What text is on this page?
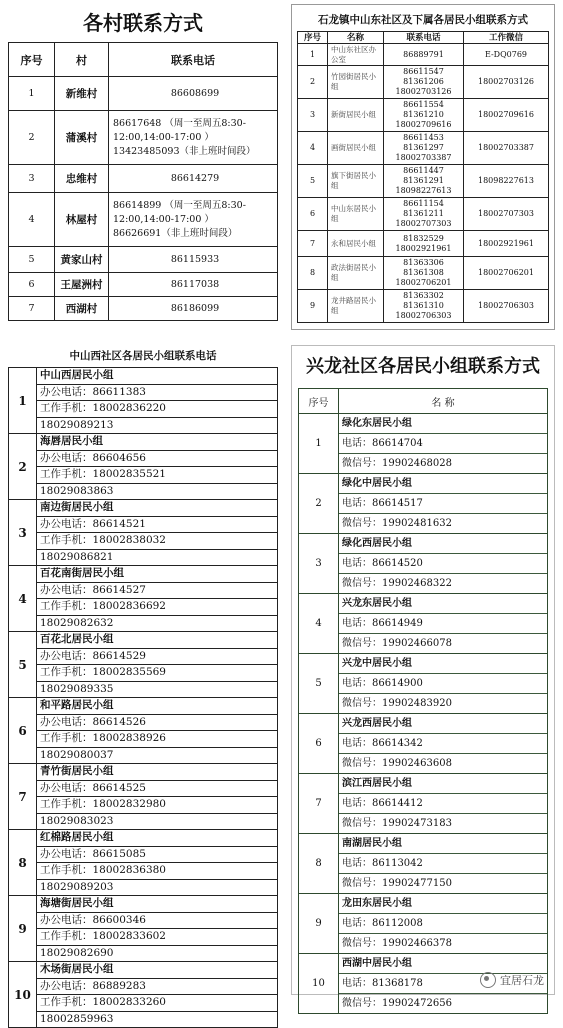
各村联系方式
序号	村	联系电话
1	新维村	86608699

2	蒲溪村	86617648 （周一至周五8:30-
12:00,14:00-17:00 ）
13423485093（非上班时间段）

3	忠维村	86614279

4	林屋村	86614899 （周一至周五8:30-
12:00,14:00-17:00 ）
86626691（非上班时间段）

5	黄家山村	86115933

6	王屋洲村	86117038

7	西湖村	86186099
石龙镇中山东社区及下属各居民小组联系方式
序号	名称	联系电话	工作微信
1	中山东社区办公室	86889791	E-DQ0769
2	竹园街居民小组	86611547
81361206
18002703126	18002703126
3	新街居民小组	86611554
81361210
18002709616	18002709616
4	画街居民小组	86611453
81361297
18002703387	18002703387
5	旗下街居民小组	86611447
81361291
18098227613	18098227613
6	中山东居民小组	86611154
81361211
18002707303	18002707303
7	永和居民小组	81832529
18002921961	18002921961
8	政法街居民小组	81363306
81361308
18002706201	18002706201
9	龙井路居民小组	81363302
81361310
18002706303	18002706303
中山西社区各居民小组联系电话
1	中山西居民小组
办公电话：86611383
工作手机：18002836220
18029089213

2	海唇居民小组
办公电话：86604656
工作手机：18002835521
18029083863

3	南边街居民小组
办公电话：86614521
工作手机：18002838032
18029086821

4	百花南街居民小组
办公电话：86614527
工作手机：18002836692
18029082632

5	百花北居民小组
办公电话：86614529
工作手机：18002835569
18029089335

6	和平路居民小组
办公电话：86614526
工作手机：18002838926
18029080037

7	青竹街居民小组
办公电话：86614525
工作手机：18002832980
18029083023

8	红棉路居民小组
办公电话：86615085
工作手机：18002836380
18029089203

9	海塘街居民小组
办公电话：86600346
工作手机：18002833602
18029082690

10	木场街居民小组
办公电话：86889283
工作手机：18002833260
18002859963
兴龙社区各居民小组联系方式
序号	名 称
1	绿化东居民小组
电话：86614704
微信号：19902468028

2	绿化中居民小组
电话：86614517
微信号：19902481632

3	绿化西居民小组
电话：86614520
微信号：19902468322

4	兴龙东居民小组
电话：86614949
微信号：19902466078

5	兴龙中居民小组
电话：86614900
微信号：19902483920

6	兴龙西居民小组
电话：86614342
微信号：19902463608

7	滨江西居民小组
电话：86614412
微信号：19902473183

8	南湖居民小组
电话：86113042
微信号：19902477150

9	龙田东居民小组
电话：86112008
微信号：19902466378

10	西湖中居民小组
电话：81368178
微信号：19902472656
宜居石龙
